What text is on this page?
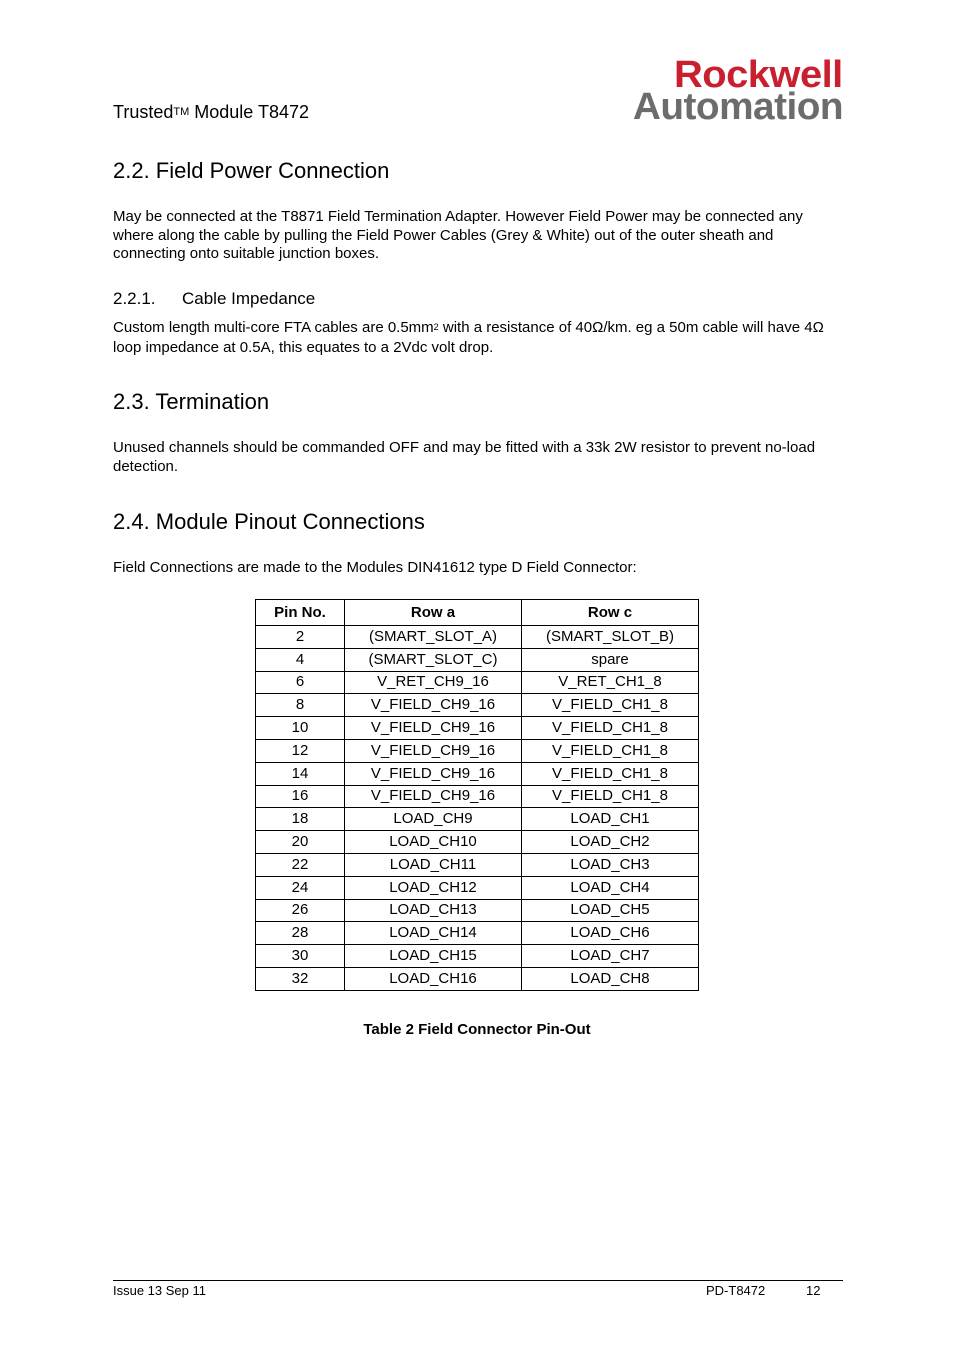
Trusted™ Module T8472
Rockwell
Automation
2.2. Field Power Connection

May be connected at the T8871 Field Termination Adapter. However Field Power may be connected any where along the cable by pulling the Field Power Cables (Grey & White) out of the outer sheath and connecting onto suitable junction boxes.

2.2.1. Cable Impedance

Custom length multi-core FTA cables are $0.5mm^2$ with a resistance of 40Ω/km. eg a 50m cable will have 4Ω loop impedance at 0.5A, this equates to a 2Vdc volt drop.

2.3. Termination

Unused channels should be commanded OFF and may be fitted with a 33k 2W resistor to prevent no-load detection.

2.4. Module Pinout Connections

Field Connections are made to the Modules DIN41612 type D Field Connector:

Pin No.	Row a	Row c
2	(SMART_SLOT_A)	(SMART_SLOT_B)
4	(SMART_SLOT_C)	spare
6	V_RET_CH9_16	V_RET_CH1_8
8	V_FIELD_CH9_16	V_FIELD_CH1_8
10	V_FIELD_CH9_16	V_FIELD_CH1_8
12	V_FIELD_CH9_16	V_FIELD_CH1_8
14	V_FIELD_CH9_16	V_FIELD_CH1_8
16	V_FIELD_CH9_16	V_FIELD_CH1_8
18	LOAD_CH9	LOAD_CH1
20	LOAD_CH10	LOAD_CH2
22	LOAD_CH11	LOAD_CH3
24	LOAD_CH12	LOAD_CH4
26	LOAD_CH13	LOAD_CH5
28	LOAD_CH14	LOAD_CH6
30	LOAD_CH15	LOAD_CH7
32	LOAD_CH16	LOAD_CH8
Table 2 Field Connector Pin-Out
Issue 13 Sep 11	PD-T8472	12
